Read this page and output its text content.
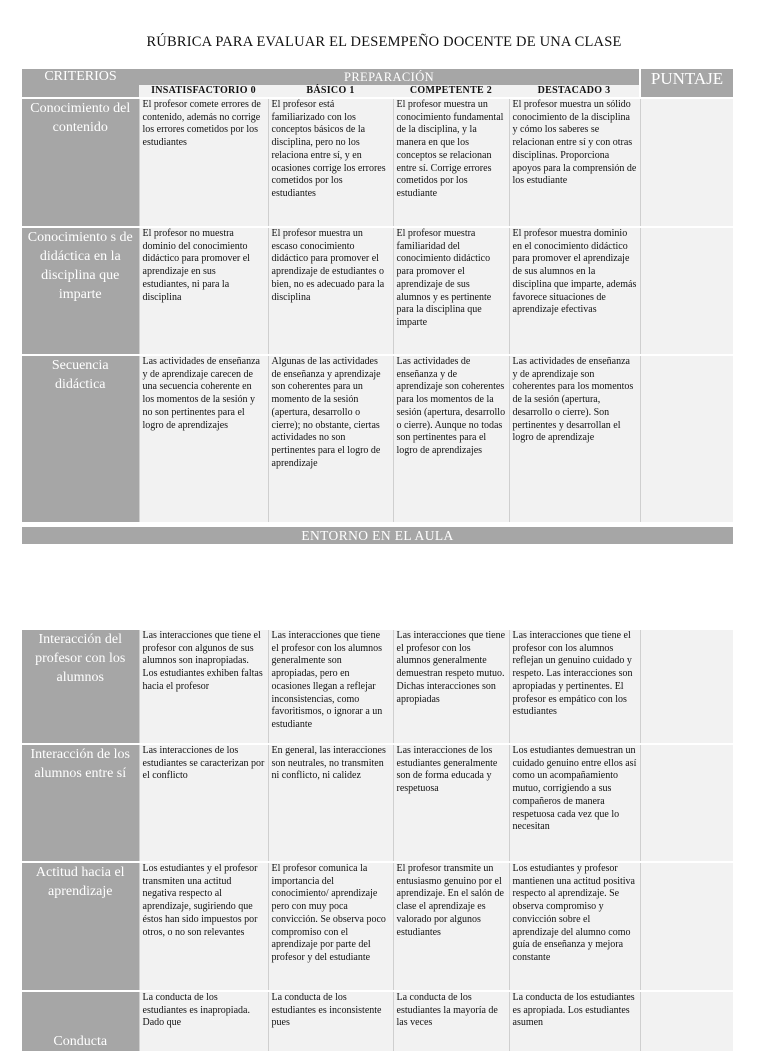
RÚBRICA PARA EVALUAR EL DESEMPEÑO DOCENTE DE UNA CLASE
CRITERIOS	PREPARACIÓN				PUNTAJE
	INSATISFACTORIO 0	BÁSICO 1	COMPETENTE 2	DESTACADO 3	
Conocimiento del contenido	El profesor comete errores de contenido, además no corrige los errores cometidos por los estudiantes	El profesor está familiarizado con los conceptos básicos de la disciplina, pero no los relaciona entre sí, y en ocasiones corrige los errores cometidos por los estudiantes	El profesor muestra un conocimiento fundamental de la disciplina, y la manera en que los conceptos se relacionan entre sí. Corrige errores cometidos por los estudiante	El profesor muestra un sólido conocimiento de la disciplina y cómo los saberes se relacionan entre sí y con otras disciplinas. Proporciona apoyos para la comprensión de los estudiante	
Conocimiento s de didáctica en la disciplina que imparte	El profesor no muestra dominio del conocimiento didáctico para promover el aprendizaje en sus estudiantes, ni para la disciplina	El profesor muestra un escaso conocimiento didáctico para promover el aprendizaje de estudiantes o bien, no es adecuado para la disciplina	El profesor muestra familiaridad del conocimiento didáctico para promover el aprendizaje de sus alumnos y es pertinente para la disciplina que imparte	El profesor muestra dominio en el conocimiento didáctico para promover el aprendizaje de sus alumnos en la disciplina que imparte, además favorece situaciones de aprendizaje efectivas	
Secuencia didáctica	Las actividades de enseñanza y de aprendizaje carecen de una secuencia coherente en los momentos de la sesión y no son pertinentes para el logro de aprendizajes	Algunas de las actividades de enseñanza y aprendizaje son coherentes para un momento de la sesión (apertura, desarrollo o cierre); no obstante, ciertas actividades no son pertinentes para el logro de aprendizaje	Las actividades de enseñanza y de aprendizaje son coherentes para los momentos de la sesión (apertura, desarrollo o cierre). Aunque no todas son pertinentes para el logro de aprendizajes	Las actividades de enseñanza y de aprendizaje son coherentes para los momentos de la sesión (apertura, desarrollo o cierre). Son pertinentes y desarrollan el logro de aprendizaje	
ENTORNO EN EL AULA
Interacción del profesor con los alumnos	Las interacciones que tiene el profesor con algunos de sus alumnos son inapropiadas. Los estudiantes exhiben faltas hacia el profesor	Las interacciones que tiene el profesor con los alumnos generalmente son apropiadas, pero en ocasiones llegan a reflejar inconsistencias, como favoritismos, o ignorar a un estudiante	Las interacciones que tiene el profesor con los alumnos generalmente demuestran respeto mutuo. Dichas interacciones son apropiadas	Las interacciones que tiene el profesor con los alumnos reflejan un genuino cuidado y respeto. Las interacciones son apropiadas y pertinentes. El profesor es empático con los estudiantes	
Interacción de los alumnos entre sí	Las interacciones de los estudiantes se caracterizan por el conflicto	En general, las interacciones son neutrales, no transmiten ni conflicto, ni calidez	Las interacciones de los estudiantes generalmente son de forma educada y respetuosa	Los estudiantes demuestran un cuidado genuino entre ellos así como un acompañamiento mutuo, corrigiendo a sus compañeros de manera respetuosa cada vez que lo necesitan	
Actitud hacia el aprendizaje	Los estudiantes y el profesor transmiten una actitud negativa respecto al aprendizaje, sugiriendo que éstos han sido impuestos por otros, o no son relevantes	El profesor comunica la importancia del conocimiento/ aprendizaje pero con muy poca convicción. Se observa poco compromiso con el aprendizaje por parte del profesor y del estudiante	El profesor transmite un entusiasmo genuino por el aprendizaje. En el salón de clase el aprendizaje es valorado por algunos estudiantes	Los estudiantes y profesor mantienen una actitud positiva respecto al aprendizaje. Se observa compromiso y convicción sobre el aprendizaje del alumno como guía de enseñanza y mejora constante	
Conducta	La conducta de los estudiantes es inapropiada. Dado que	La conducta de los estudiantes es inconsistente pues	La conducta de los estudiantes la mayoría de las veces	La conducta de los estudiantes es apropiada. Los estudiantes asumen	
